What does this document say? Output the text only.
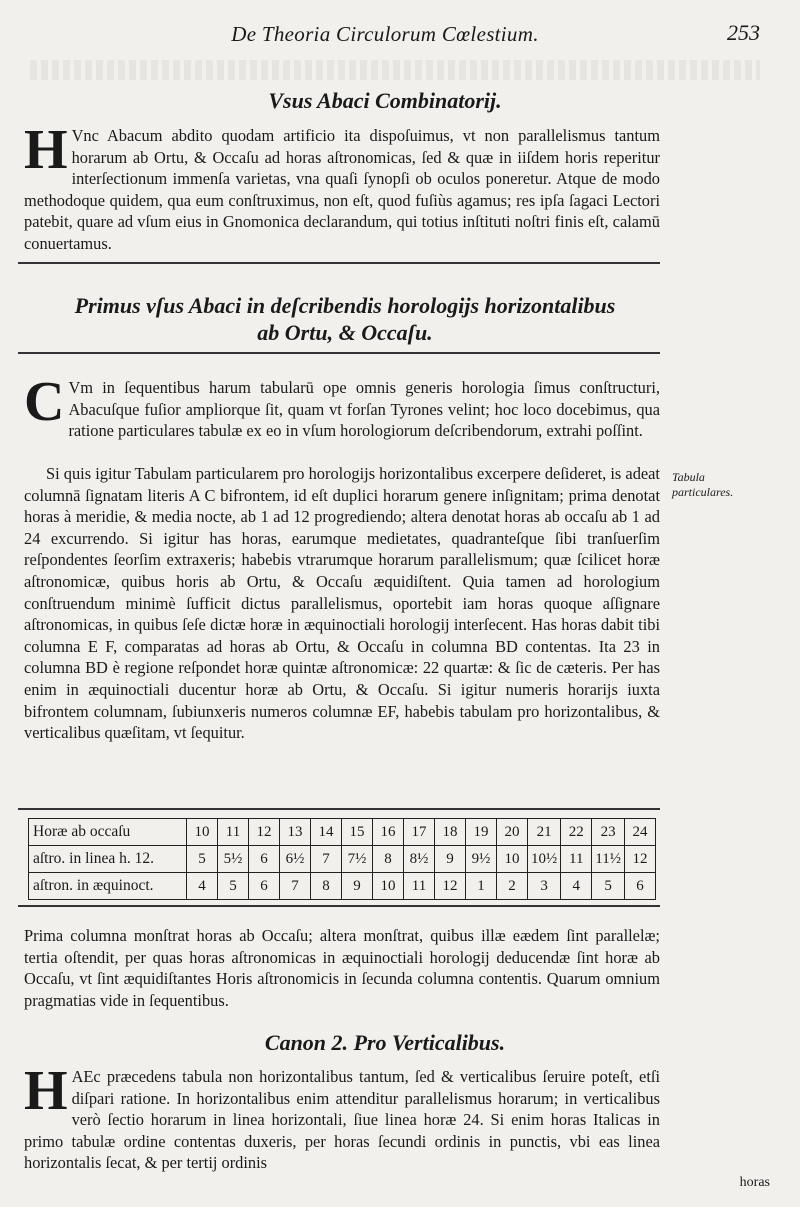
De Theoria Circulorum Cœlestium.	253
Vsus Abaci Combinatorij.

H Vnc Abacum abdito quodam artificio ita dispoſuimus, vt non parallelismus tantum horarum ab Ortu, & Occaſu ad horas aſtronomicas, ſed & quæ in iiſdem horis reperitur interſectionum immenſa varietas, vna quaſi ſynopſi ob oculos poneretur. Atque de modo methodoque quidem, qua eum conſtruximus, non eſt, quod fuſiùs agamus; res ipſa ſagaci Lectori patebit, quare ad vſum eius in Gnomonica declarandum, qui totius inſtituti noſtri finis eſt, calamū conuertamus.

Primus vſus Abaci in deſcribendis horologijs horizontalibus
ab Ortu, & Occaſu.

C Vm in ſequentibus harum tabularū ope omnis generis horologia ſimus conſtructuri, Abacuſque fuſior ampliorque ſit, quam vt forſan Tyrones velint; hoc loco docebimus, qua ratione particulares tabulæ ex eo in vſum horologiorum deſcribendorum, extrahi poſſint.

Si quis igitur Tabulam particularem pro horologijs horizontalibus excerpere deſideret, is adeat columnā ſignatam literis A C bifrontem, id eſt duplici horarum genere inſignitam; prima denotat horas à meridie, & media nocte, ab 1 ad 12 progrediendo; altera denotat horas ab occaſu ab 1 ad 24 excurrendo. Si igitur has horas, earumque medietates, quadranteſque ſibi tranſuerſim reſpondentes ſeorſim extraxeris; habebis vtrarumque horarum parallelismum; quæ ſcilicet horæ aſtronomicæ, quibus horis ab Ortu, & Occaſu æquidiſtent. Quia tamen ad horologium conſtruendum minimè ſufficit dictus parallelismus, oportebit iam horas quoque aſſignare aſtronomicas, in quibus ſeſe dictæ horæ in æquinoctiali horologij interſecent. Has horas dabit tibi columna E F, comparatas ad horas ab Ortu, & Occaſu in columna BD contentas. Ita 23 in columna BD è regione reſpondet horæ quintæ aſtronomicæ: 22 quartæ: & ſic de cæteris. Per has enim in æquinoctiali ducentur horæ ab Ortu, & Occaſu. Si igitur numeris horarijs iuxta bifrontem columnam, ſubiunxeris numeros columnæ EF, habebis tabulam pro horizontalibus, & verticalibus quæſitam, vt ſequitur.

Tabula particulares.
Horæ ab occaſu	10	11	12	13	14	15	16	17	18	19	20	21	22	23	24
aſtro. in linea h. 12.	5	5½	6	6½	7	7½	8	8½	9	9½	10	10½	11	11½	12
aſtron. in æquinoct.	4	5	6	7	8	9	10	11	12	1	2	3	4	5	6

Prima columna monſtrat horas ab Occaſu; altera monſtrat, quibus illæ eædem ſint parallelæ; tertia oſtendit, per quas horas aſtronomicas in æquinoctiali horologij deducendæ ſint horæ ab Occaſu, vt ſint æquidiſtantes Horis aſtronomicis in ſecunda columna contentis. Quarum omnium pragmatias vide in ſequentibus.

Canon 2. Pro Verticalibus.

H AEc præcedens tabula non horizontalibus tantum, ſed & verticalibus ſeruire poteſt, etſi diſpari ratione. In horizontalibus enim attenditur parallelismus horarum; in verticalibus verò ſectio horarum in linea horizontali, ſiue linea horæ 24. Si enim horas Italicas in primo tabulæ ordine contentas duxeris, per horas ſecundi ordinis in punctis, vbi eas linea horizontalis ſecat, & per tertij ordinis

horas
